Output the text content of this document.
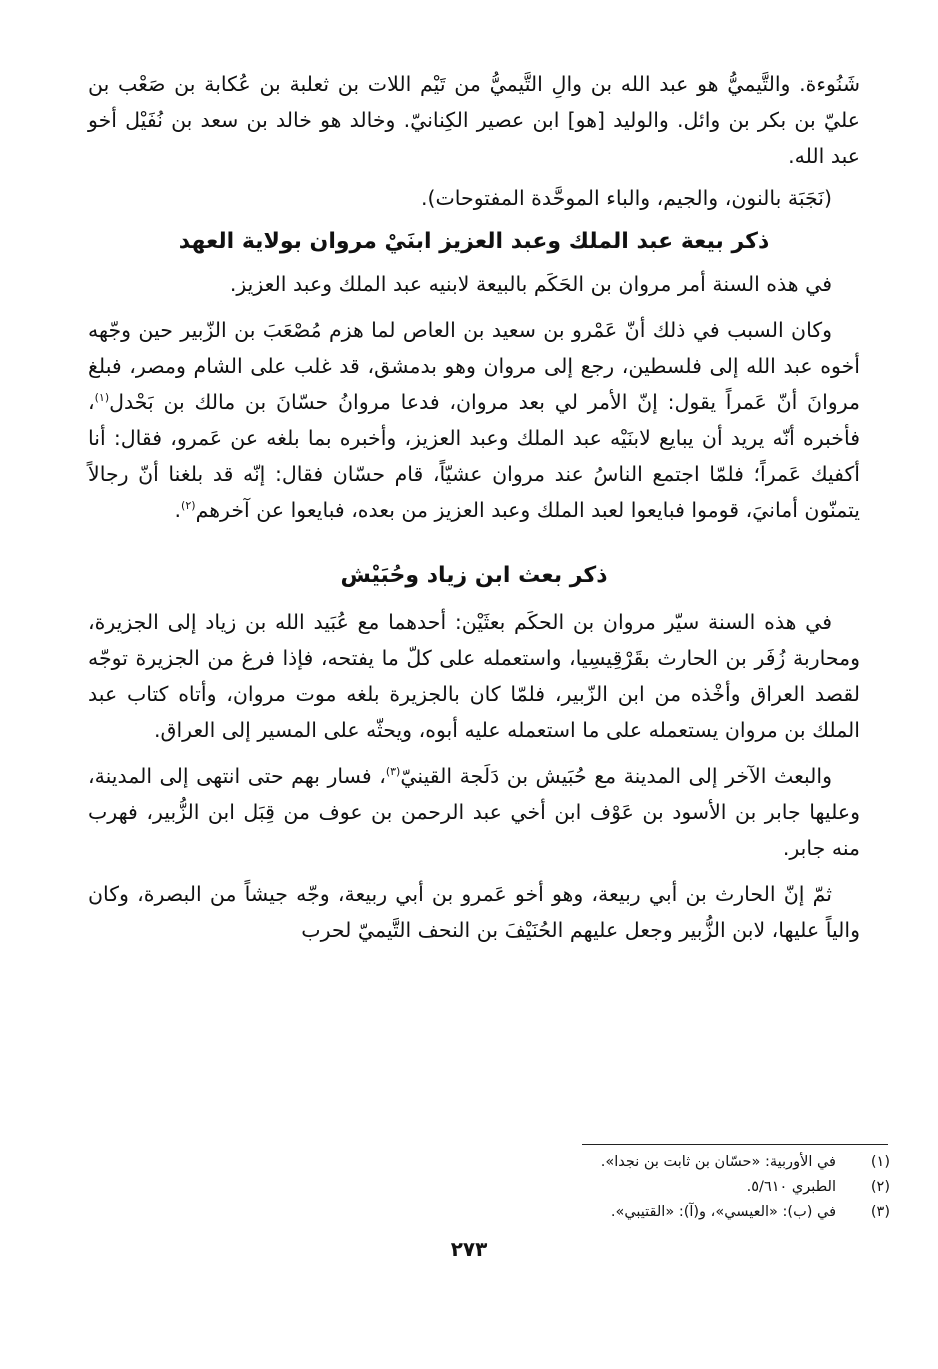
شَنُوءة. والتَّيميُّ هو عبد الله بن والِ التَّيميُّ من تَيْم اللات بن ثعلبة بن عُكابة بن صَعْب بن عليّ بن بكر بن وائل. والوليد [هو] ابن عصير الكِنانيّ. وخالد هو خالد بن سعد بن نُفَيْل أخو عبد الله.

(نَجَبَة بالنون، والجيم، والباء الموحَّدة المفتوحات).

ذكر بيعة عبد الملك وعبد العزيز ابنَيْ مروان بولاية العهد

في هذه السنة أمر مروان بن الحَكَم بالبيعة لابنيه عبد الملك وعبد العزيز.

وكان السبب في ذلك أنّ عَمْرو بن سعيد بن العاص لما هزم مُصْعَبَ بن الزّبير حين وجّهه أخوه عبد الله إلى فلسطين، رجع إلى مروان وهو بدمشق، قد غلب على الشام ومصر، فبلغ مروانَ أنّ عَمراً يقول: إنّ الأمر لي بعد مروان، فدعا مروانُ حسّانَ بن مالك بن بَحْدل$^{(١)}$، فأخبره أنّه يريد أن يبايع لابنَيْه عبد الملك وعبد العزيز، وأخبره بما بلغه عن عَمرو، فقال: أنا أكفيك عَمراً؛ فلمّا اجتمع الناسُ عند مروان عشيّاً، قام حسّان فقال: إنّه قد بلغنا أنّ رجالاً يتمنّون أمانيَ، قوموا فبايعوا لعبد الملك وعبد العزيز من بعده، فبايعوا عن آخرهم$^{(٢)}$.

ذكر بعث ابن زياد وحُبَيْش

في هذه السنة سيّر مروان بن الحكَم بعثَيْن: أحدهما مع عُبَيد الله بن زياد إلى الجزيرة، ومحاربة زُفَر بن الحارث بقَرْقِيسِيا، واستعمله على كلّ ما يفتحه، فإذا فرغ من الجزيرة توجّه لقصد العراق وأخْذه من ابن الزّبير، فلمّا كان بالجزيرة بلغه موت مروان، وأتاه كتاب عبد الملك بن مروان يستعمله على ما استعمله عليه أبوه، ويحثّه على المسير إلى العراق.

والبعث الآخر إلى المدينة مع حُبَيش بن دَلَجة القينيّ$^{(٣)}$، فسار بهم حتى انتهى إلى المدينة، وعليها جابر بن الأسود بن عَوْف ابن أخي عبد الرحمن بن عوف من قِبَل ابن الزُّبير، فهرب منه جابر.

ثمّ إنّ الحارث بن أبي ربيعة، وهو أخو عَمرو بن أبي ربيعة، وجّه جيشاً من البصرة، وكان والياً عليها، لابن الزُّبير وجعل عليهم الحُنَيْفَ بن النحف التَّيميّ لحرب

(١)
في الأوربية: «حسّان بن ثابت بن نجدا».
(٢)
الطبري ٥/٦١٠.
(٣)
في (ب): «العيسي»، و(آ): «القتيبي».
٢٧٣
